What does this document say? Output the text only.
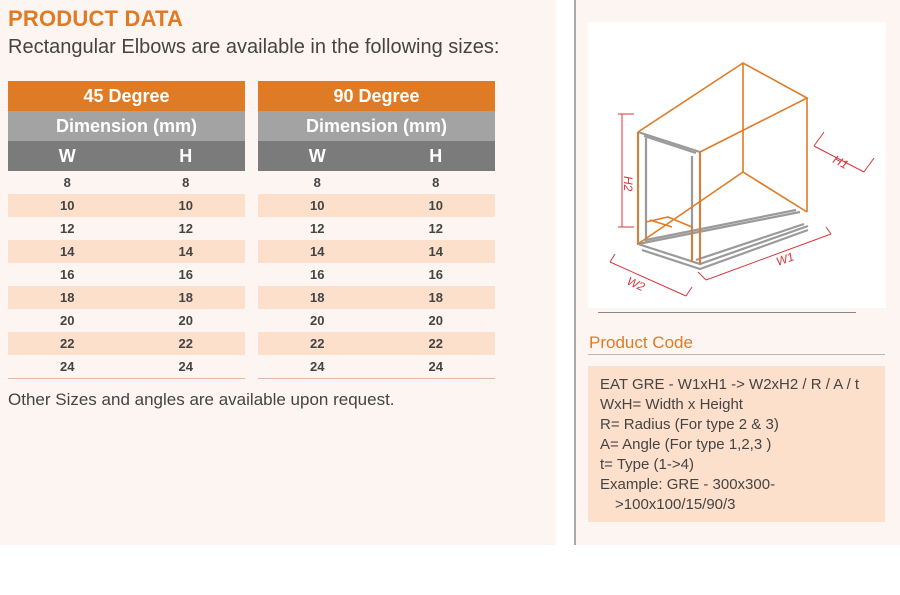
PRODUCT DATA
Rectangular Elbows are available in the following sizes:
45 Degree
Dimension (mm)
W	H
8	8
10	10
12	12
14	14
16	16
18	18
20	20
22	22
24	24
90 Degree
Dimension (mm)
W	H
8	8
10	10
12	12
14	14
16	16
18	18
20	20
22	22
24	24
Other Sizes and angles are available upon request.
H2
H1
W1
W2
Product Code
EAT GRE - W1xH1 -> W2xH2 / R / A / t
WxH= Width x Height
R= Radius (For type 2 & 3)
A= Angle (For type 1,2,3 )
t= Type (1->4)
Example: GRE - 300x300-
>100x100/15/90/3
